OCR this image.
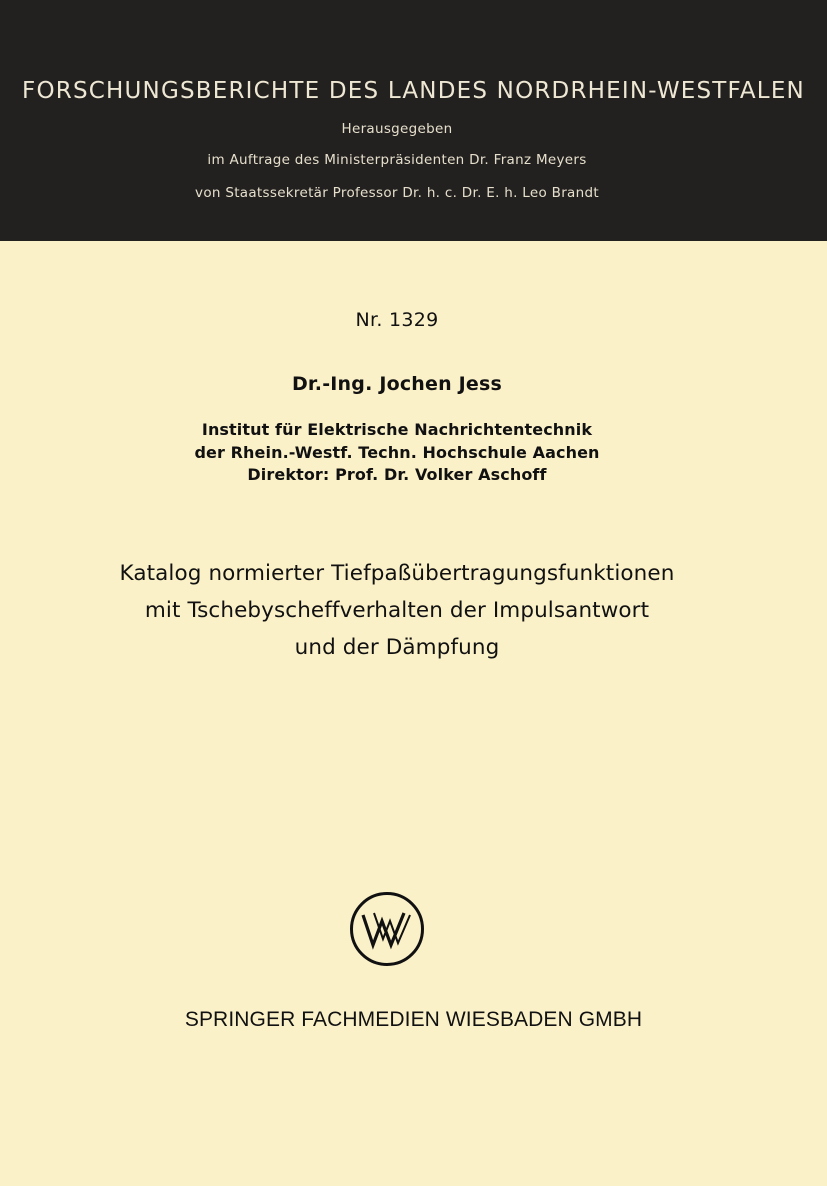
FORSCHUNGSBERICHTE DES LANDES NORDRHEIN-WESTFALEN
Herausgegeben
im Auftrage des Ministerpräsidenten Dr. Franz Meyers
von Staatssekretär Professor Dr. h. c. Dr. E. h. Leo Brandt
Nr. 1329
Dr.-Ing. Jochen Jess
Institut für Elektrische Nachrichtentechnik
der Rhein.-Westf. Techn. Hochschule Aachen
Direktor: Prof. Dr. Volker Aschoff
Katalog normierter Tiefpaßübertragungsfunktionen
mit Tschebyscheffverhalten der Impulsantwort
und der Dämpfung
SPRINGER FACHMEDIEN WIESBADEN GMBH
